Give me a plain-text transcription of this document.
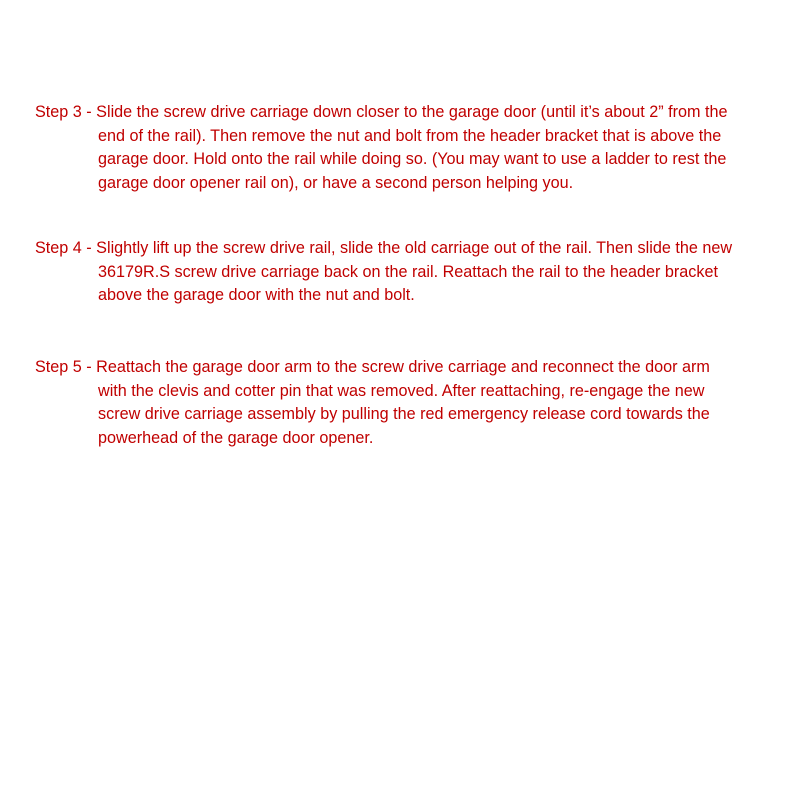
Step 3 - Slide the screw drive carriage down closer to the garage door (until it’s about 2” from the
end of the rail). Then remove the nut and bolt from the header bracket that is above the
garage door. Hold onto the rail while doing so. (You may want to use a ladder to rest the
garage door opener rail on), or have a second person helping you.
Step 4 - Slightly lift up the screw drive rail, slide the old carriage out of the rail. Then slide the new
36179R.S screw drive carriage back on the rail. Reattach the rail to the header bracket
above the garage door with the nut and bolt.
Step 5 - Reattach the garage door arm to the screw drive carriage and reconnect the door arm
with the clevis and cotter pin that was removed. After reattaching, re-engage the new
screw drive carriage assembly by pulling the red emergency release cord towards the
powerhead of the garage door opener.
